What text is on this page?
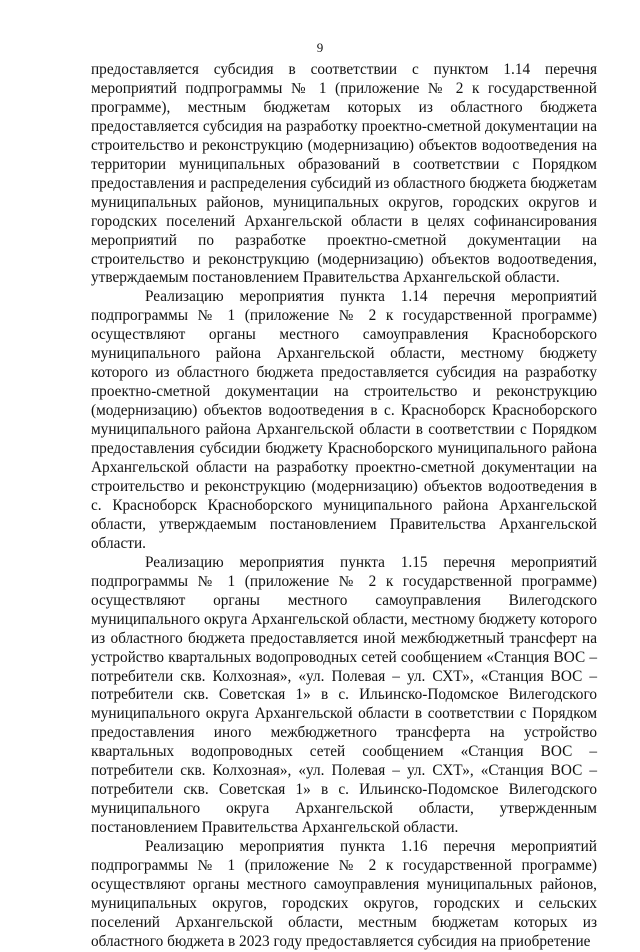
9

предоставляется субсидия в соответствии с пунктом 1.14 перечня мероприятий подпрограммы № 1 (приложение № 2 к государственной программе), местным бюджетам которых из областного бюджета предоставляется субсидия на разработку проектно-сметной документации на строительство и реконструкцию (модернизацию) объектов водоотведения на территории муниципальных образований в соответствии с Порядком предоставления и распределения субсидий из областного бюджета бюджетам муниципальных районов, муниципальных округов, городских округов и городских поселений Архангельской области в целях софинансирования мероприятий по разработке проектно-сметной документации на строительство и реконструкцию (модернизацию) объектов водоотведения, утверждаемым постановлением Правительства Архангельской области.

Реализацию мероприятия пункта 1.14 перечня мероприятий подпрограммы № 1 (приложение № 2 к государственной программе) осуществляют органы местного самоуправления Красноборского муниципального района Архангельской области, местному бюджету которого из областного бюджета предоставляется субсидия на разработку проектно-сметной документации на строительство и реконструкцию (модернизацию) объектов водоотведения в с. Красноборск Красноборского муниципального района Архангельской области в соответствии с Порядком предоставления субсидии бюджету Красноборского муниципального района Архангельской области на разработку проектно-сметной документации на строительство и реконструкцию (модернизацию) объектов водоотведения в с. Красноборск Красноборского муниципального района Архангельской области, утверждаемым постановлением Правительства Архангельской области.

Реализацию мероприятия пункта 1.15 перечня мероприятий подпрограммы № 1 (приложение № 2 к государственной программе) осуществляют органы местного самоуправления Вилегодского муниципального округа Архангельской области, местному бюджету которого из областного бюджета предоставляется иной межбюджетный трансферт на устройство квартальных водопроводных сетей сообщением «Станция ВОС – потребители скв. Колхозная», «ул. Полевая – ул. СХТ», «Станция ВОС – потребители скв. Советская 1» в с. Ильинско-Подомское Вилегодского муниципального округа Архангельской области в соответствии с Порядком предоставления иного межбюджетного трансферта на устройство квартальных водопроводных сетей сообщением «Станция ВОС – потребители скв. Колхозная», «ул. Полевая – ул. СХТ», «Станция ВОС – потребители скв. Советская 1» в с. Ильинско-Подомское Вилегодского муниципального округа Архангельской области, утвержденным постановлением Правительства Архангельской области.

Реализацию мероприятия пункта 1.16 перечня мероприятий подпрограммы № 1 (приложение № 2 к государственной программе) осуществляют органы местного самоуправления муниципальных районов, муниципальных округов, городских округов, городских и сельских поселений Архангельской области, местным бюджетам которых из областного бюджета в 2023 году предоставляется субсидия на приобретение
